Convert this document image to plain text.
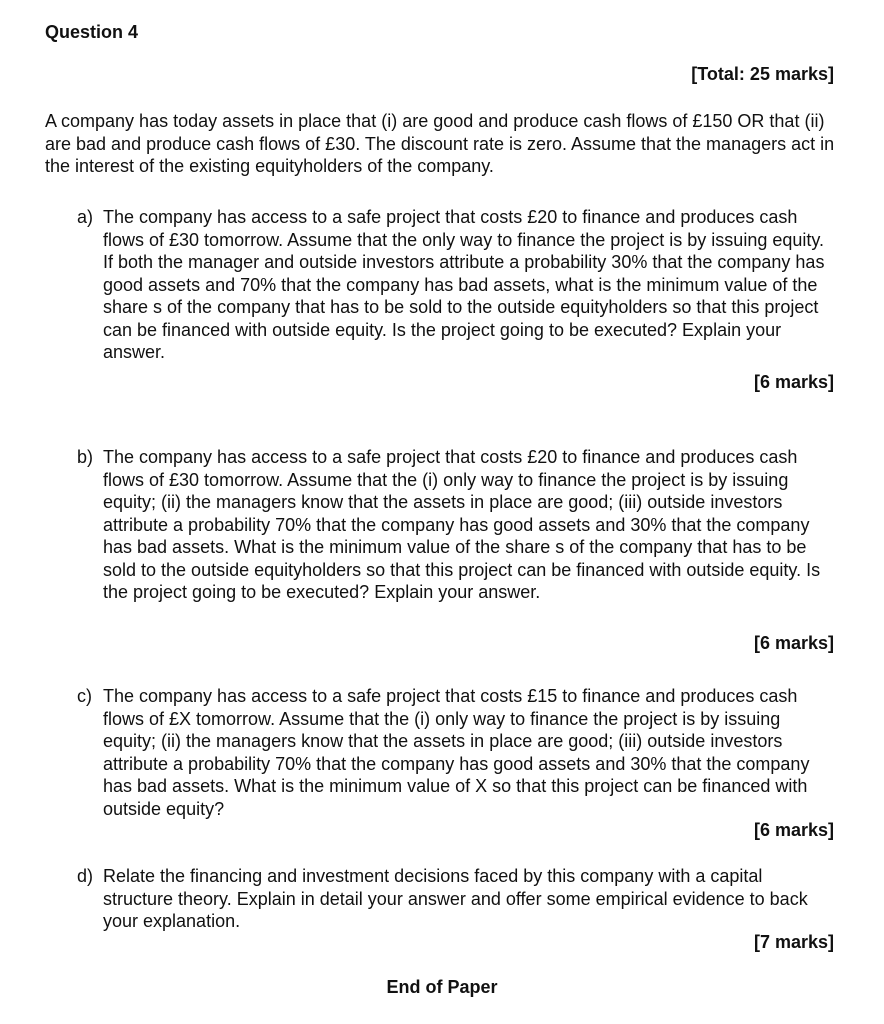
Question 4
[Total: 25 marks]
A company has today assets in place that (i) are good and produce cash flows of £150 OR that (ii) are bad and produce cash flows of £30. The discount rate is zero. Assume that the managers act in the interest of the existing equityholders of the company.
a) The company has access to a safe project that costs £20 to finance and produces cash flows of £30 tomorrow. Assume that the only way to finance the project is by issuing equity. If both the manager and outside investors attribute a probability 30% that the company has good assets and 70% that the company has bad assets, what is the minimum value of the share s of the company that has to be sold to the outside equityholders so that this project can be financed with outside equity. Is the project going to be executed? Explain your answer.
[6 marks]
b) The company has access to a safe project that costs £20 to finance and produces cash flows of £30 tomorrow. Assume that the (i) only way to finance the project is by issuing equity; (ii) the managers know that the assets in place are good; (iii) outside investors attribute a probability 70% that the company has good assets and 30% that the company has bad assets. What is the minimum value of the share s of the company that has to be sold to the outside equityholders so that this project can be financed with outside equity. Is the project going to be executed? Explain your answer.
[6 marks]
c) The company has access to a safe project that costs £15 to finance and produces cash flows of £X tomorrow. Assume that the (i) only way to finance the project is by issuing equity; (ii) the managers know that the assets in place are good; (iii) outside investors attribute a probability 70% that the company has good assets and 30% that the company has bad assets. What is the minimum value of X so that this project can be financed with outside equity?
[6 marks]
d) Relate the financing and investment decisions faced by this company with a capital structure theory. Explain in detail your answer and offer some empirical evidence to back your explanation.
[7 marks]
End of Paper
